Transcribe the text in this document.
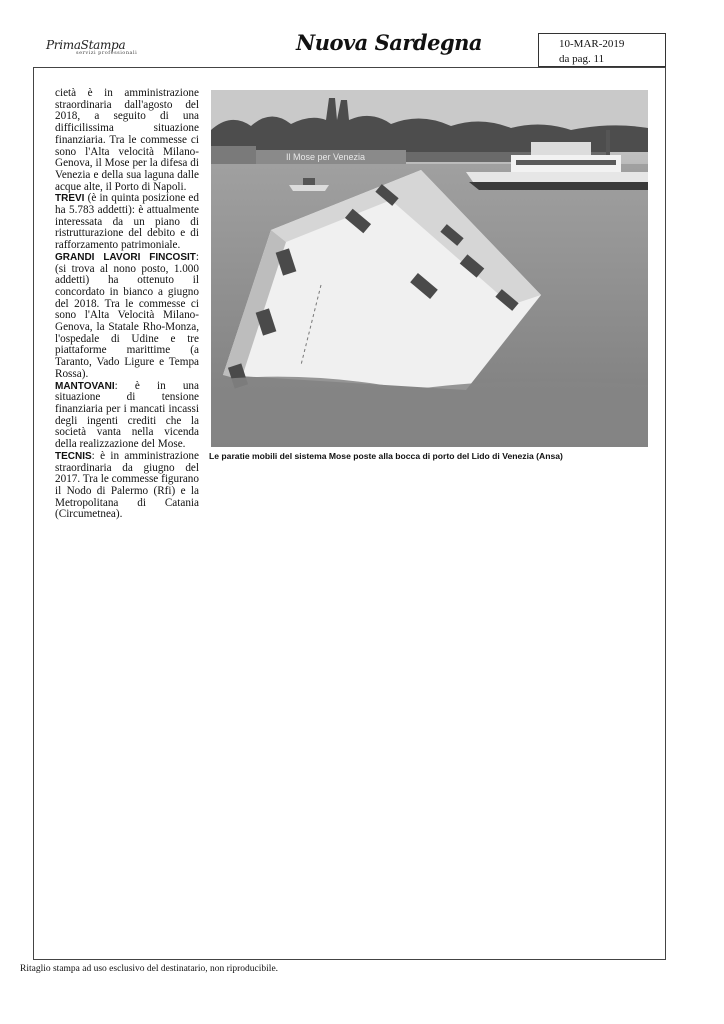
PrimaStampa
servizi professionali	Nuova Sardegna	10-MAR-2019
da pag. 11

cietà è in amministrazione straordinaria dall'agosto del 2018, a seguito di una difficilissima situazione finanziaria. Tra le commesse ci sono l'Alta velocità Milano-Genova, il Mose per la difesa di Venezia e della sua laguna dalle acque alte, il Porto di Napoli.

TREVI (è in quinta posizione ed ha 5.783 addetti): è attualmente interessata da un piano di ristrutturazione del debito e di rafforzamento patrimoniale.

GRANDI LAVORI FINCOSIT: (si trova al nono posto, 1.000 addetti) ha ottenuto il concordato in bianco a giugno del 2018. Tra le commesse ci sono l'Alta Velocità Milano-Genova, la Statale Rho-Monza, l'ospedale di Udine e tre piattaforme marittime (a Taranto, Vado Ligure e Tempa Rossa).

MANTOVANI: è in una situazione di tensione finanziaria per i mancati incassi degli ingenti crediti che la società vanta nella vicenda della realizzazione del Mose.

TECNIS: è in amministrazione straordinaria da giugno del 2017. Tra le commesse figurano il Nodo di Palermo (Rfi) e la Metropolitana di Catania (Circumetnea).

Il Mose per Venezia
Le paratie mobili del sistema Mose poste alla bocca di porto del Lido di Venezia (Ansa)
Ritaglio stampa ad uso esclusivo del destinatario, non riproducibile.
